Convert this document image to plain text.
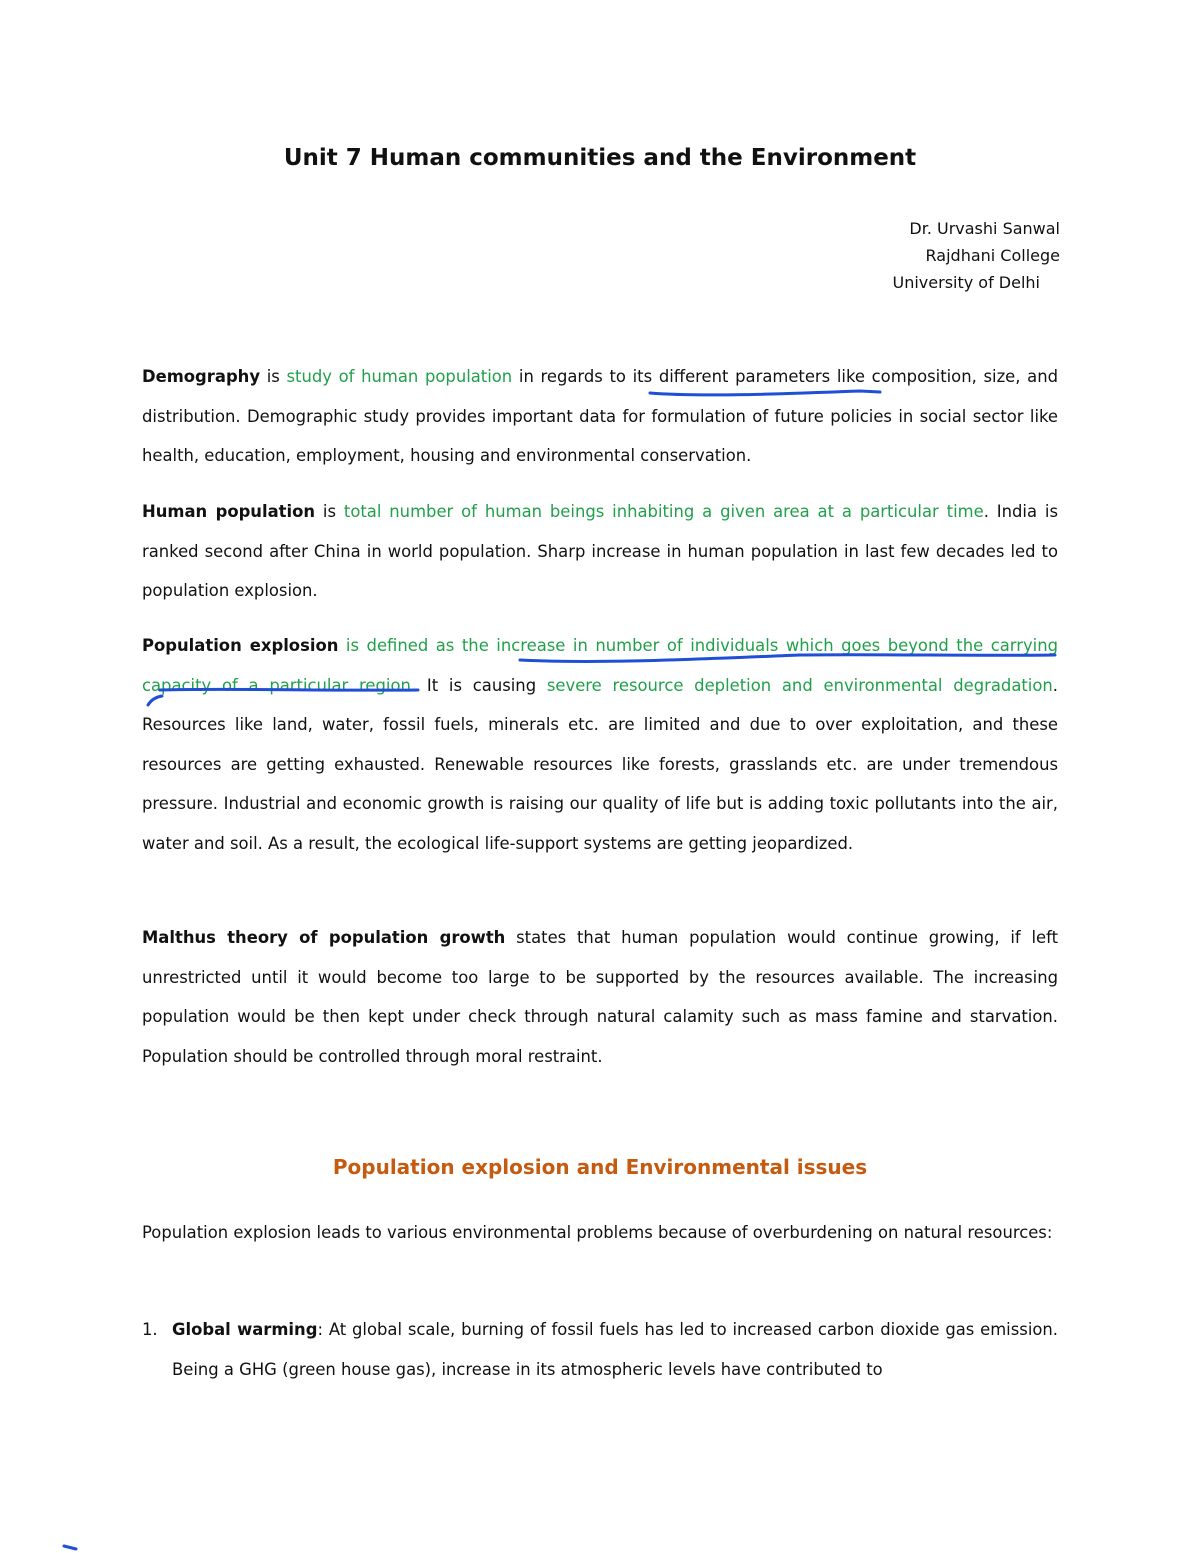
Unit 7 Human communities and the Environment
Dr. Urvashi Sanwal
Rajdhani College
University of Delhi

Demography is study of human population in regards to its different parameters like composition, size, and distribution. Demographic study provides important data for formulation of future policies in social sector like health, education, employment, housing and environmental conservation.

Human population is total number of human beings inhabiting a given area at a particular time. India is ranked second after China in world population. Sharp increase in human population in last few decades led to population explosion.

Population explosion is defined as the increase in number of individuals which goes beyond the carrying capacity of a particular region. It is causing severe resource depletion and environmental degradation. Resources like land, water, fossil fuels, minerals etc. are limited and due to over exploitation, and these resources are getting exhausted. Renewable resources like forests, grasslands etc. are under tremendous pressure. Industrial and economic growth is raising our quality of life but is adding toxic pollutants into the air, water and soil. As a result, the ecological life-support systems are getting jeopardized.

Malthus theory of population growth states that human population would continue growing, if left unrestricted until it would become too large to be supported by the resources available. The increasing population would be then kept under check through natural calamity such as mass famine and starvation. Population should be controlled through moral restraint.

Population explosion and Environmental issues

Population explosion leads to various environmental problems because of overburdening on natural resources:

1. Global warming: At global scale, burning of fossil fuels has led to increased carbon dioxide gas emission. Being a GHG (green house gas), increase in its atmospheric levels have contributed to
